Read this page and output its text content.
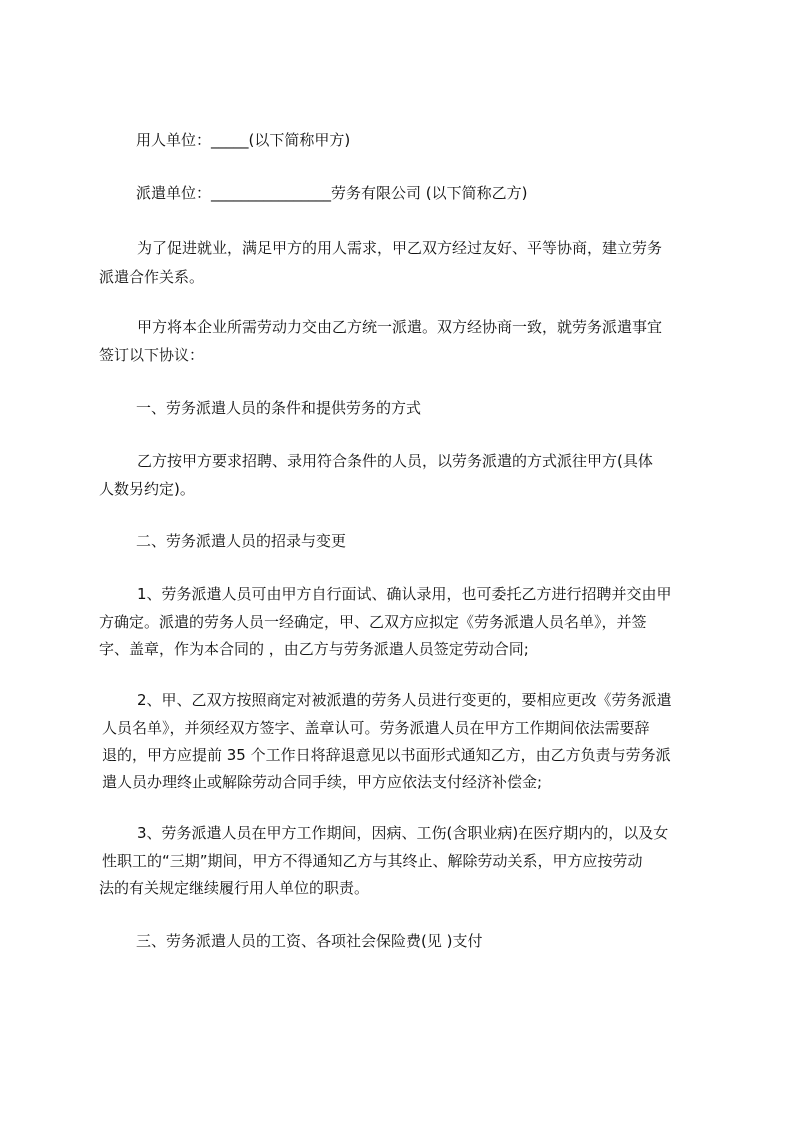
用人单位：_____(以下简称甲方)
派遣单位：________________劳务有限公司 (以下简称乙方)
为了促进就业，满足甲方的用人需求，甲乙双方经过友好、平等协商，建立劳务
派遣合作关系。
甲方将本企业所需劳动力交由乙方统一派遣。双方经协商一致，就劳务派遣事宜
签订以下协议：
一、劳务派遣人员的条件和提供劳务的方式
乙方按甲方要求招聘、录用符合条件的人员，以劳务派遣的方式派往甲方(具体
人数另约定)。
二、劳务派遣人员的招录与变更
1、劳务派遣人员可由甲方自行面试、确认录用，也可委托乙方进行招聘并交由甲
方确定。派遣的劳务人员一经确定，甲、乙双方应拟定《劳务派遣人员名单》，并签
字、盖章，作为本合同的 ，由乙方与劳务派遣人员签定劳动合同;
2、甲、乙双方按照商定对被派遣的劳务人员进行变更的，要相应更改《劳务派遣
人员名单》，并须经双方签字、盖章认可。劳务派遣人员在甲方工作期间依法需要辞
退的，甲方应提前 35 个工作日将辞退意见以书面形式通知乙方，由乙方负责与劳务派
遣人员办理终止或解除劳动合同手续，甲方应依法支付经济补偿金;
3、劳务派遣人员在甲方工作期间，因病、工伤(含职业病)在医疗期内的，以及女
性职工的“三期”期间，甲方不得通知乙方与其终止、解除劳动关系，甲方应按劳动
法的有关规定继续履行用人单位的职责。
三、劳务派遣人员的工资、各项社会保险费(见 )支付
